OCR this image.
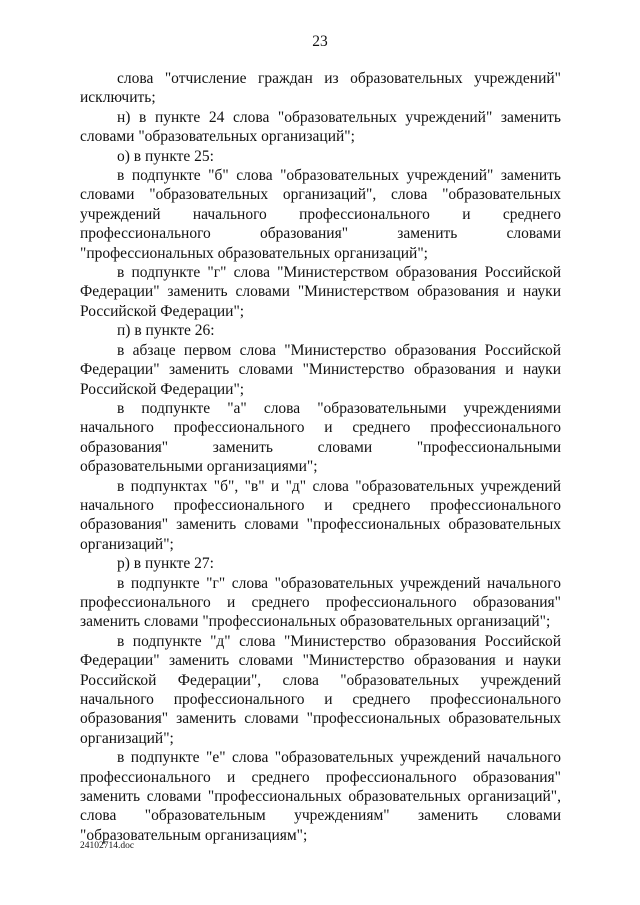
23

слова "отчисление граждан из образовательных учреждений" исключить;

н) в пункте 24 слова "образовательных учреждений" заменить словами "образовательных организаций";

о) в пункте 25:

в подпункте "б" слова "образовательных учреждений" заменить словами "образовательных организаций", слова "образовательных учреждений начального профессионального и среднего профессионального образования" заменить словами "профессиональных образовательных организаций";

в подпункте "г" слова "Министерством образования Российской Федерации" заменить словами "Министерством образования и науки Российской Федерации";

п) в пункте 26:

в абзаце первом слова "Министерство образования Российской Федерации" заменить словами "Министерство образования и науки Российской Федерации";

в подпункте "а" слова "образовательными учреждениями начального профессионального и среднего профессионального образования" заменить словами "профессиональными образовательными организациями";

в подпунктах "б", "в" и "д" слова "образовательных учреждений начального профессионального и среднего профессионального образования" заменить словами "профессиональных образовательных организаций";

р) в пункте 27:

в подпункте "г" слова "образовательных учреждений начального профессионального и среднего профессионального образования" заменить словами "профессиональных образовательных организаций";

в подпункте "д" слова "Министерство образования Российской Федерации" заменить словами "Министерство образования и науки Российской Федерации", слова "образовательных учреждений начального профессионального и среднего профессионального образования" заменить словами "профессиональных образовательных организаций";

в подпункте "е" слова "образовательных учреждений начального профессионального и среднего профессионального образования" заменить словами "профессиональных образовательных организаций", слова "образовательным учреждениям" заменить словами "образовательным организациям";

24102714.doc
